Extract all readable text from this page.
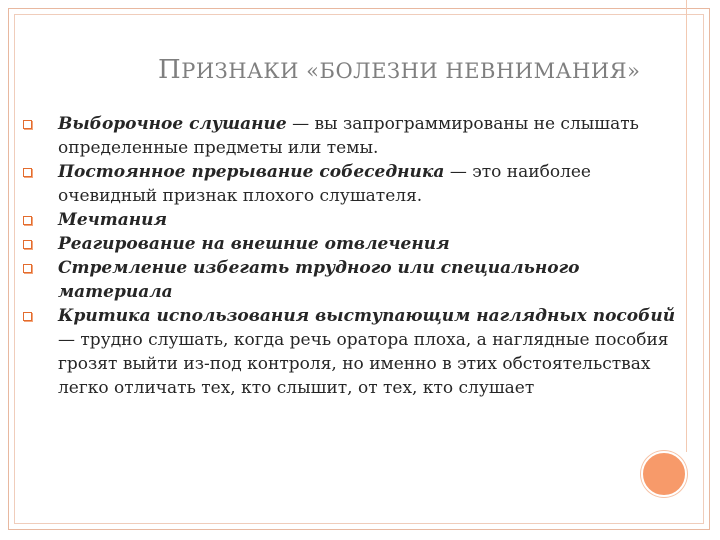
ПРИЗНАКИ «БОЛЕЗНИ НЕВНИМАНИЯ»
Выборочное слушание — вы запрограммированы не слышать определенные предметы или темы.
Постоянное прерывание собеседника — это наиболее очевидный признак плохого слушателя.
Мечтания
Реагирование на внешние отвлечения
Стремление избегать трудного или специального материала
Критика использования выступающим наглядных пособий — трудно слушать, когда речь оратора плоха, а наглядные пособия грозят выйти из-под контроля, но именно в этих обстоятельствах легко отличать тех, кто слышит, от тех, кто слушает
